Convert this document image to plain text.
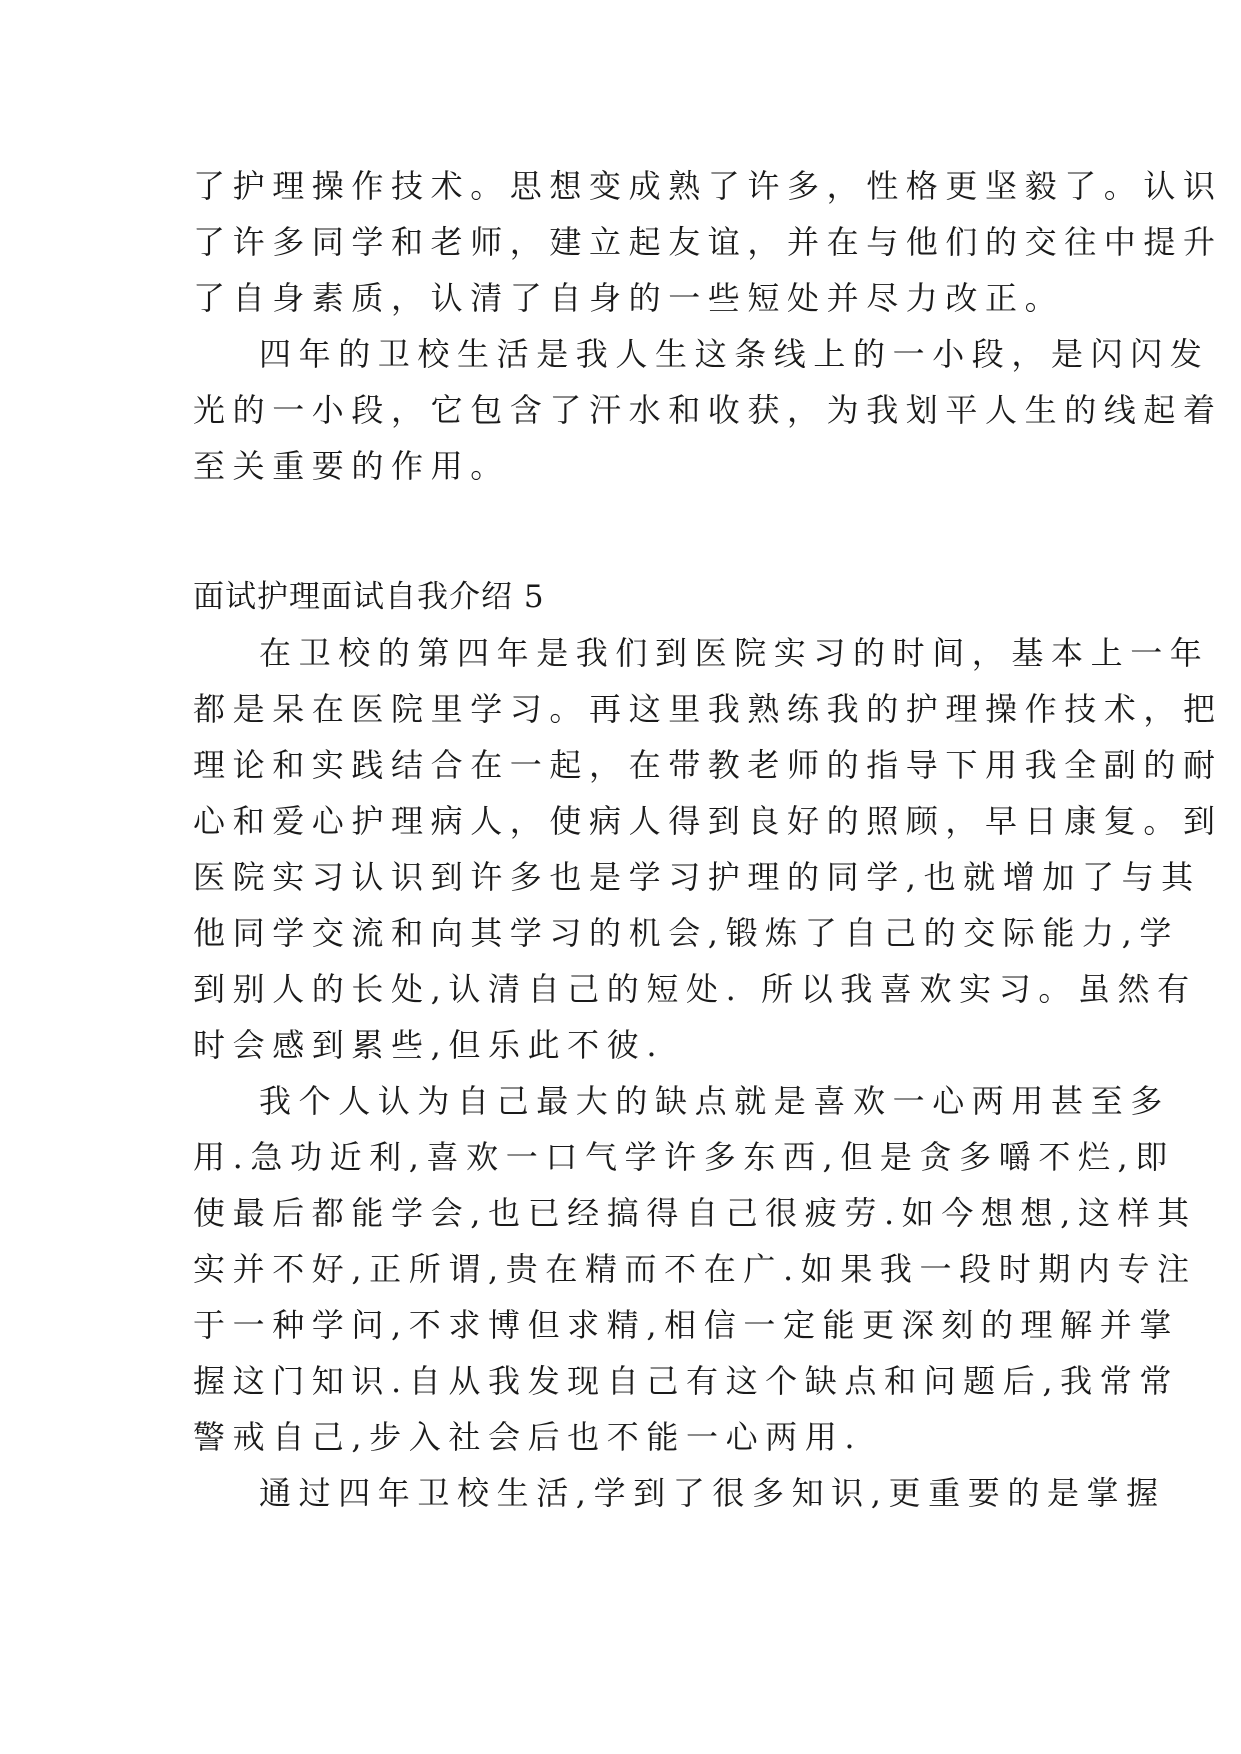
了护理操作技术。思想变成熟了许多，性格更坚毅了。认识
了许多同学和老师，建立起友谊，并在与他们的交往中提升
了自身素质，认清了自身的一些短处并尽力改正。
四年的卫校生活是我人生这条线上的一小段，是闪闪发
光的一小段，它包含了汗水和收获，为我划平人生的线起着
至关重要的作用。
面试护理面试自我介绍 5
在卫校的第四年是我们到医院实习的时间，基本上一年
都是呆在医院里学习。再这里我熟练我的护理操作技术，把
理论和实践结合在一起，在带教老师的指导下用我全副的耐
心和爱心护理病人，使病人得到良好的照顾，早日康复。到
医院实习认识到许多也是学习护理的同学,也就增加了与其
他同学交流和向其学习的机会,锻炼了自己的交际能力,学
到别人的长处,认清自己的短处. 所以我喜欢实习。虽然有
时会感到累些,但乐此不彼.
我个人认为自己最大的缺点就是喜欢一心两用甚至多
用.急功近利,喜欢一口气学许多东西,但是贪多嚼不烂,即
使最后都能学会,也已经搞得自己很疲劳.如今想想,这样其
实并不好,正所谓,贵在精而不在广.如果我一段时期内专注
于一种学问,不求博但求精,相信一定能更深刻的理解并掌
握这门知识.自从我发现自己有这个缺点和问题后,我常常
警戒自己,步入社会后也不能一心两用.
通过四年卫校生活,学到了很多知识,更重要的是掌握
